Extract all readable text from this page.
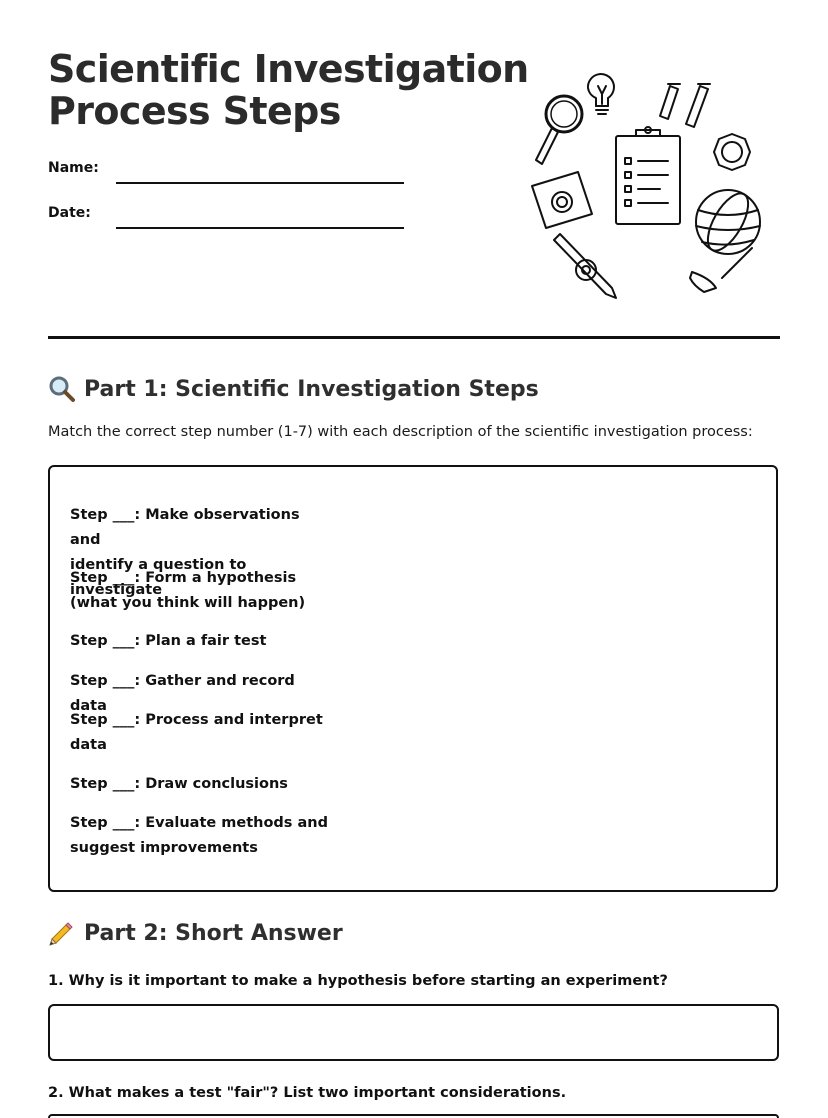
Scientific Investigation
Process Steps
Name:
Date:
Part 1: Scientific Investigation Steps
Match the correct step number (1-7) with each description of the scientific investigation process:
Step ___: Make observations and
identify a question to investigate
Step ___: Form a hypothesis
(what you think will happen)
Step ___: Plan a fair test
Step ___: Gather and record data
Step ___: Process and interpret
data
Step ___: Draw conclusions
Step ___: Evaluate methods and
suggest improvements
Part 2: Short Answer
1. Why is it important to make a hypothesis before starting an experiment?
2. What makes a test "fair"? List two important considerations.
